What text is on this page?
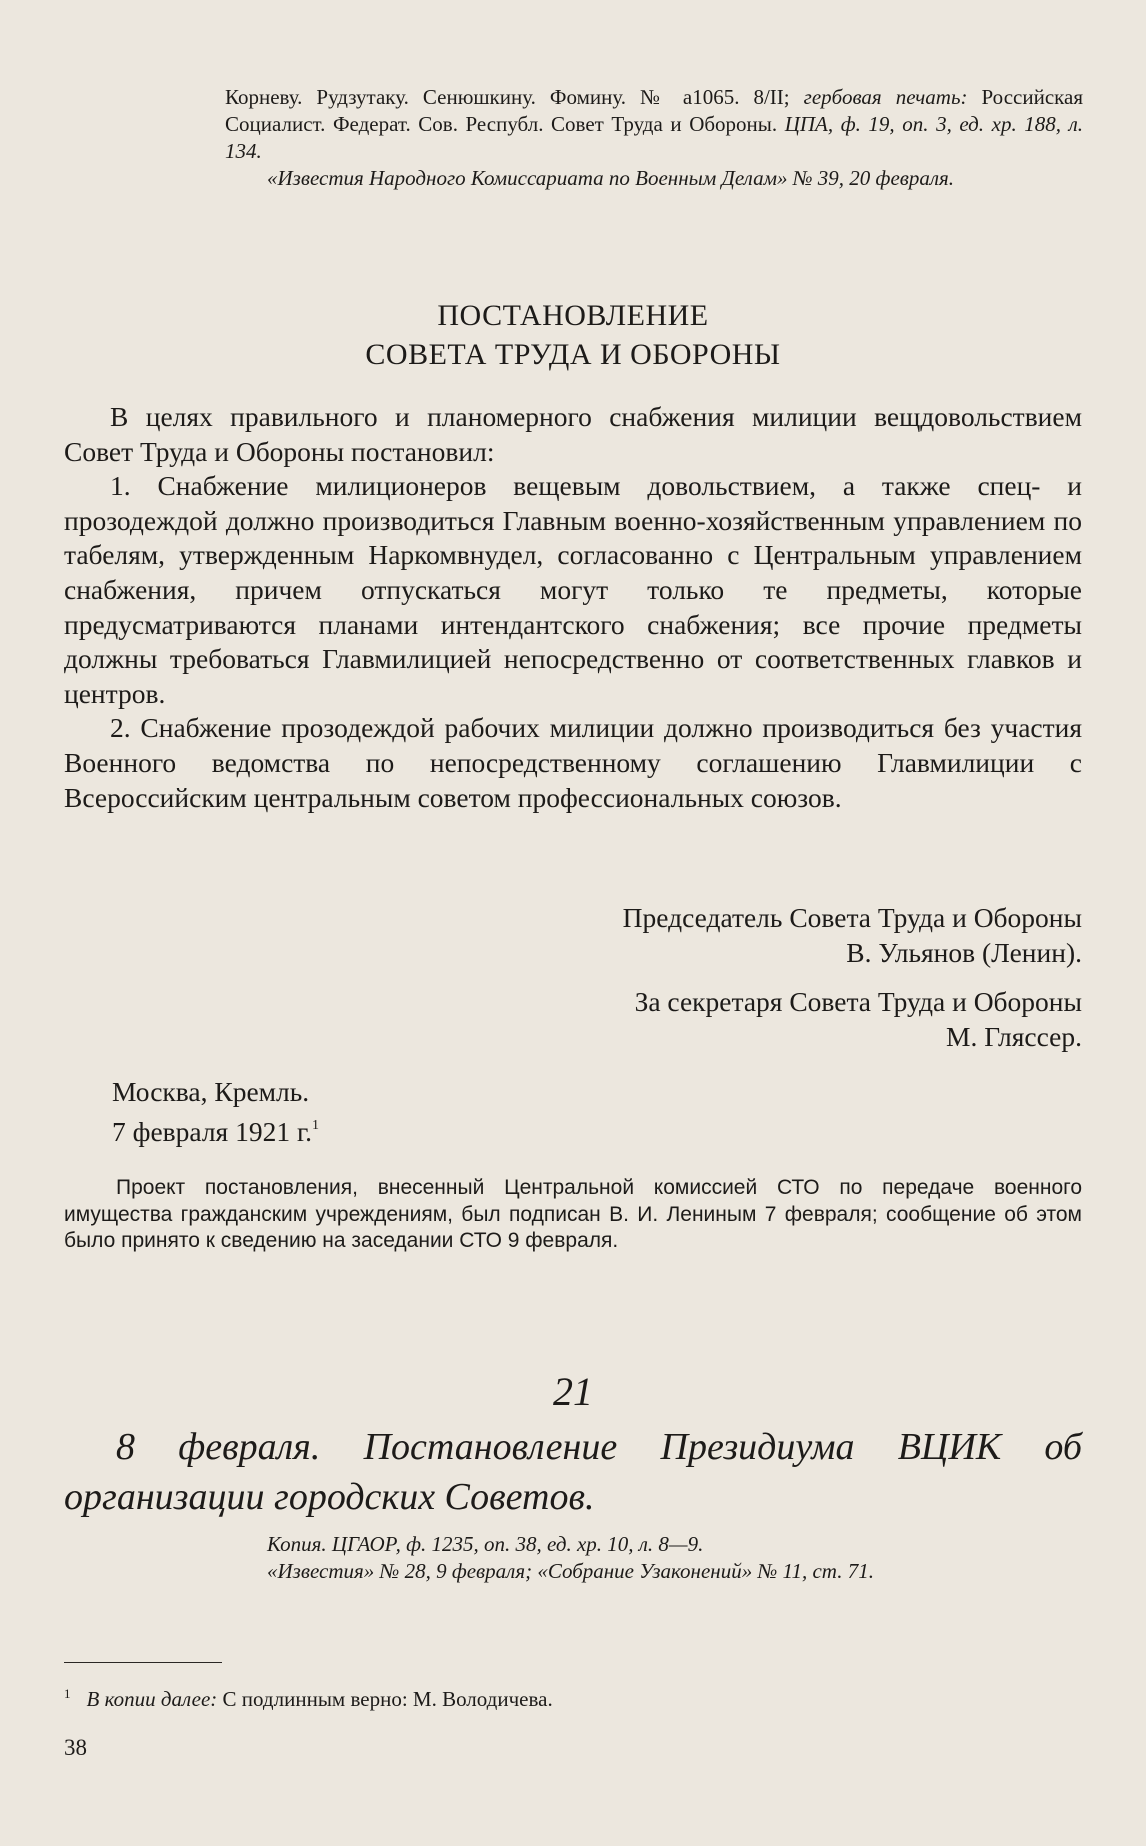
Корневу. Рудзутаку. Сенюшкину. Фомину. № а1065. 8/II; гербовая печать: Российская Социалист. Федерат. Сов. Республ. Совет Труда и Обороны. ЦПА, ф. 19, оп. 3, ед. хр. 188, л. 134.

«Известия Народного Комиссариата по Военным Делам» № 39, 20 февраля.

ПОСТАНОВЛЕНИЕ
СОВЕТА ТРУДА И ОБОРОНЫ

В целях правильного и планомерного снабжения милиции вещдовольствием Совет Труда и Обороны постановил:

1. Снабжение милиционеров вещевым довольствием, а также спец- и прозодеждой должно производиться Главным военно-хозяйственным управлением по табелям, утвержденным Наркомвнудел, согласованно с Центральным управлением снабжения, причем отпускаться могут только те предметы, которые предусматриваются планами интендантского снабжения; все прочие предметы должны требоваться Главмилицией непосредственно от соответственных главков и центров.

2. Снабжение прозодеждой рабочих милиции должно производиться без участия Военного ведомства по непосредственному соглашению Главмилиции с Всероссийским центральным советом профессиональных союзов.

Председатель Совета Труда и Обороны
В. Ульянов (Ленин).
За секретаря Совета Труда и Обороны
М. Гляссер.
Москва, Кремль.
7 февраля 1921 г.$^1$

Проект постановления, внесенный Центральной комиссией СТО по передаче военного имущества гражданским учреждениям, был подписан В. И. Лениным 7 февраля; сообщение об этом было принято к сведению на заседании СТО 9 февраля.

21

8 февраля. Постановление Президиума ВЦИК об организации городских Советов.

Копия. ЦГАОР, ф. 1235, оп. 38, ед. хр. 10, л. 8—9.

«Известия» № 28, 9 февраля; «Собрание Узаконений» № 11, ст. 71.

$^1$ В копии далее: С подлинным верно: М. Володичева.
38
